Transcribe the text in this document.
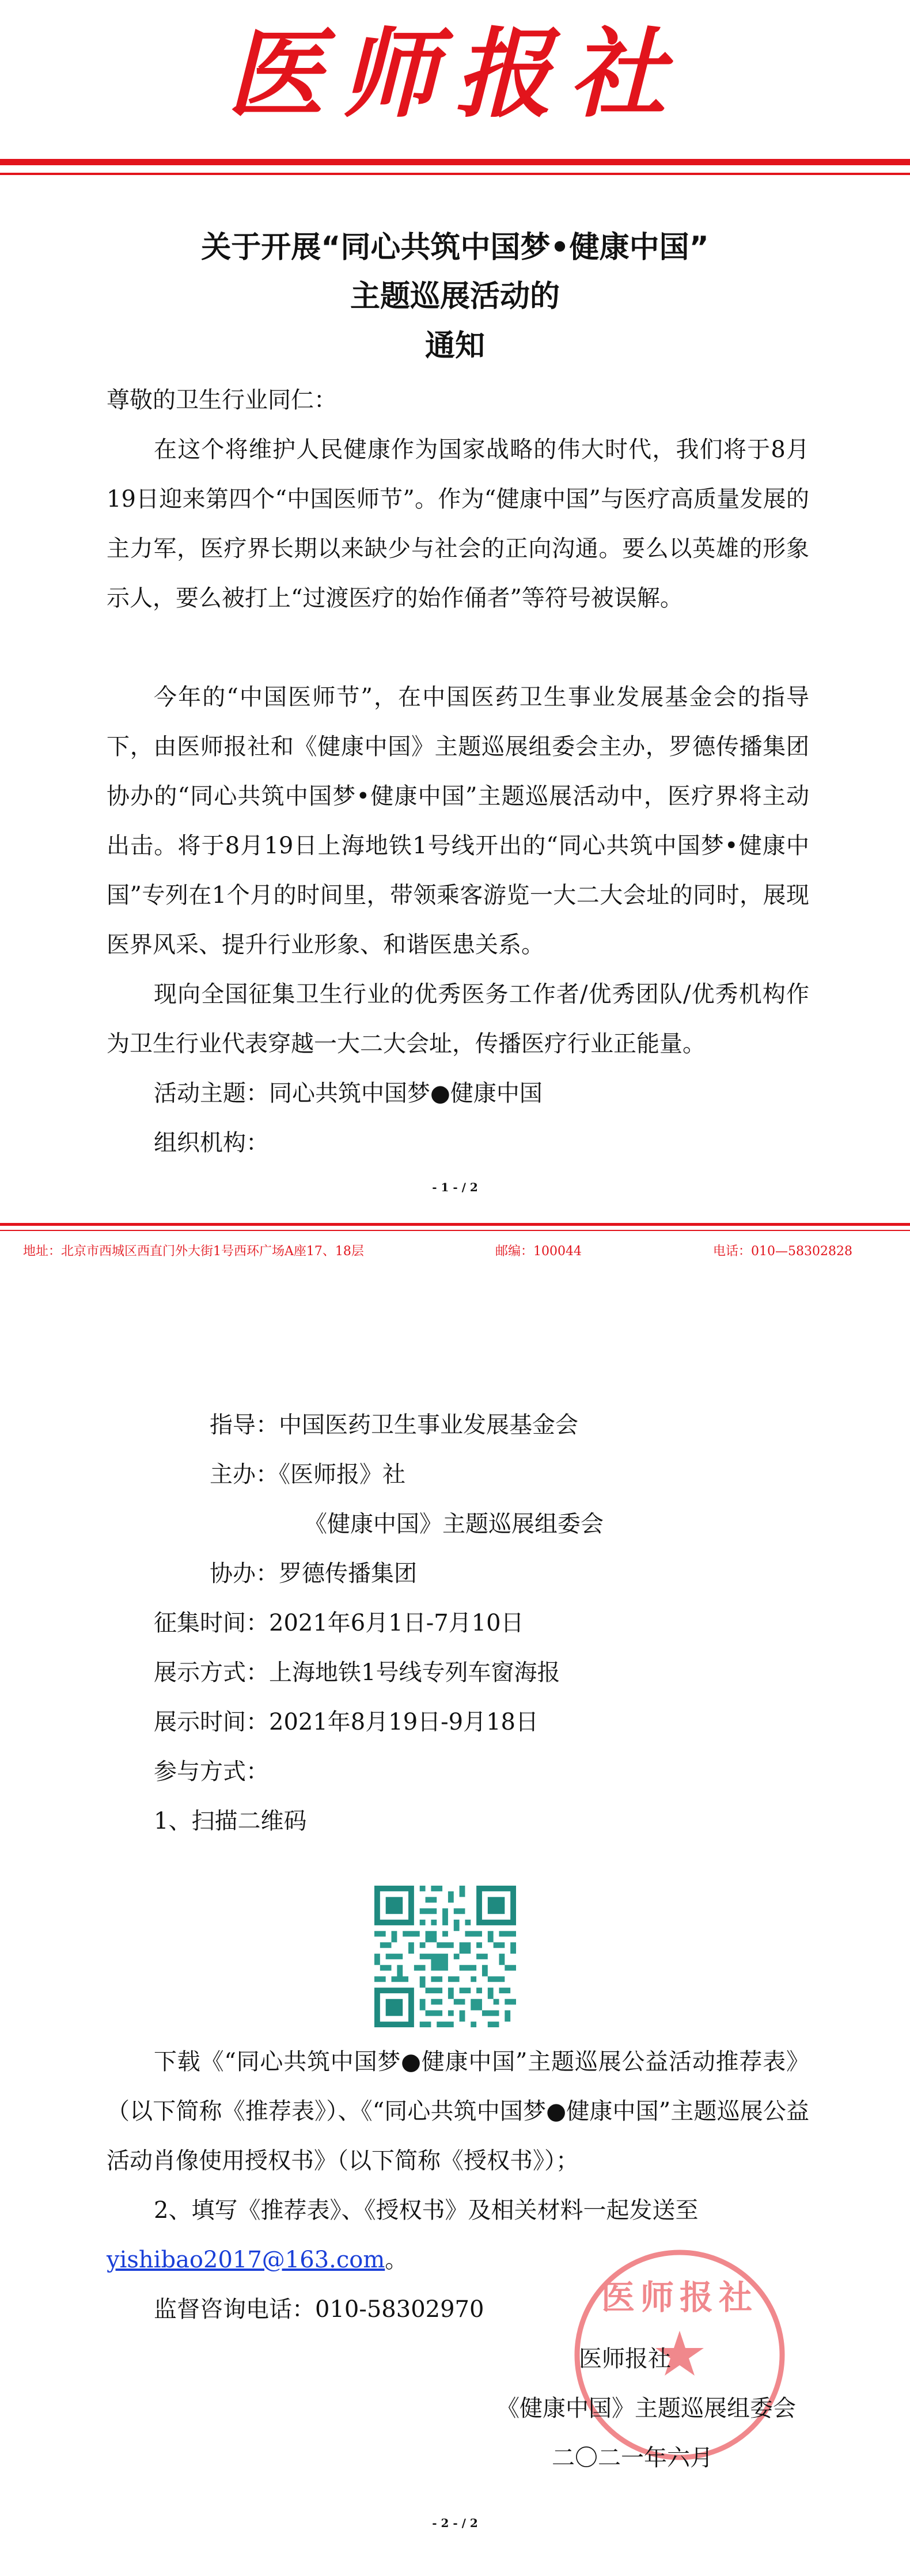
医师报社
关于开展“同心共筑中国梦•健康中国”
主题巡展活动的
通知
尊敬的卫生行业同仁：
在这个将维护人民健康作为国家战略的伟大时代，我们将于8月19日迎来第四个“中国医师节”。作为“健康中国”与医疗高质量发展的主力军，医疗界长期以来缺少与社会的正向沟通。要么以英雄的形象示人，要么被打上“过渡医疗的始作俑者”等符号被误解。
今年的“中国医师节”，在中国医药卫生事业发展基金会的指导下，由医师报社和《健康中国》主题巡展组委会主办，罗德传播集团协办的“同心共筑中国梦•健康中国”主题巡展活动中，医疗界将主动出击。将于8月19日上海地铁1号线开出的“同心共筑中国梦•健康中国”专列在1个月的时间里，带领乘客游览一大二大会址的同时，展现医界风采、提升行业形象、和谐医患关系。
现向全国征集卫生行业的优秀医务工作者/优秀团队/优秀机构作为卫生行业代表穿越一大二大会址，传播医疗行业正能量。
活动主题：同心共筑中国梦●健康中国
组织机构：
- 1 - / 2
地址：北京市西城区西直门外大街1号西环广场A座17、18层	邮编：100044	电话：010—58302828
指导：中国医药卫生事业发展基金会
主办：《医师报》社
《健康中国》主题巡展组委会
协办：罗德传播集团
征集时间：2021年6月1日-7月10日
展示方式：上海地铁1号线专列车窗海报
展示时间：2021年8月19日-9月18日
参与方式：
1、扫描二维码
下载《“同心共筑中国梦●健康中国”主题巡展公益活动推荐表》（以下简称《推荐表》）、《“同心共筑中国梦●健康中国”主题巡展公益活动肖像使用授权书》（以下简称《授权书》）；
2、填写《推荐表》、《授权书》及相关材料一起发送至
yishibao2017@163.com。
监督咨询电话：010-58302970	医师报社
医师报社
《健康中国》主题巡展组委会
二〇二一年六月
- 2 - / 2
